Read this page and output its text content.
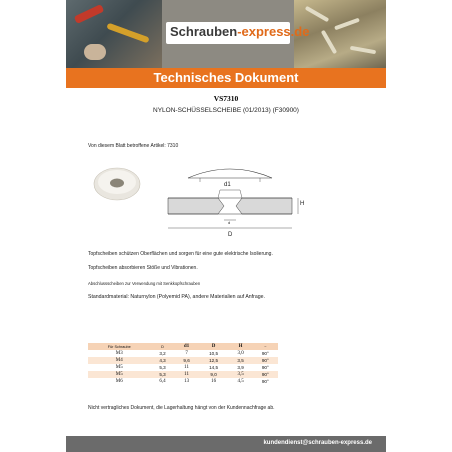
Schrauben-express.de
Technisches Dokument
VS7310
NYLON-SCHÜSSELSCHEIBE (01/2013) (F30900)
Von diesem Blatt betroffene Artikel: 7310
d1
H
d
D
Topfscheiben schützen Oberflächen und sorgen für eine gute elektrische Isolierung.
Topfscheiben absorbieren Stöße und Vibrationen.
Abschlussscheiben zur Verwendung mit Senkkopfschrauben
Standardmaterial: Naturnylon (Polyemid PA), andere Materialien auf Anfrage.
Für Schraube	D	d1	D	H	~
M3	3,2	7	10,5	3,0	90°
M4	4,3	9,6	12,5	3,5	90°
M5	5,3	11	14,5	3,9	90°
M5	5,3	11	9,0	3,5	90°
M6	6,4	13	16	4,5	90°
Nicht vertragliches Dokument, die Lagerhaltung hängt von der Kundennachfrage ab.
kundendienst@schrauben-express.de
